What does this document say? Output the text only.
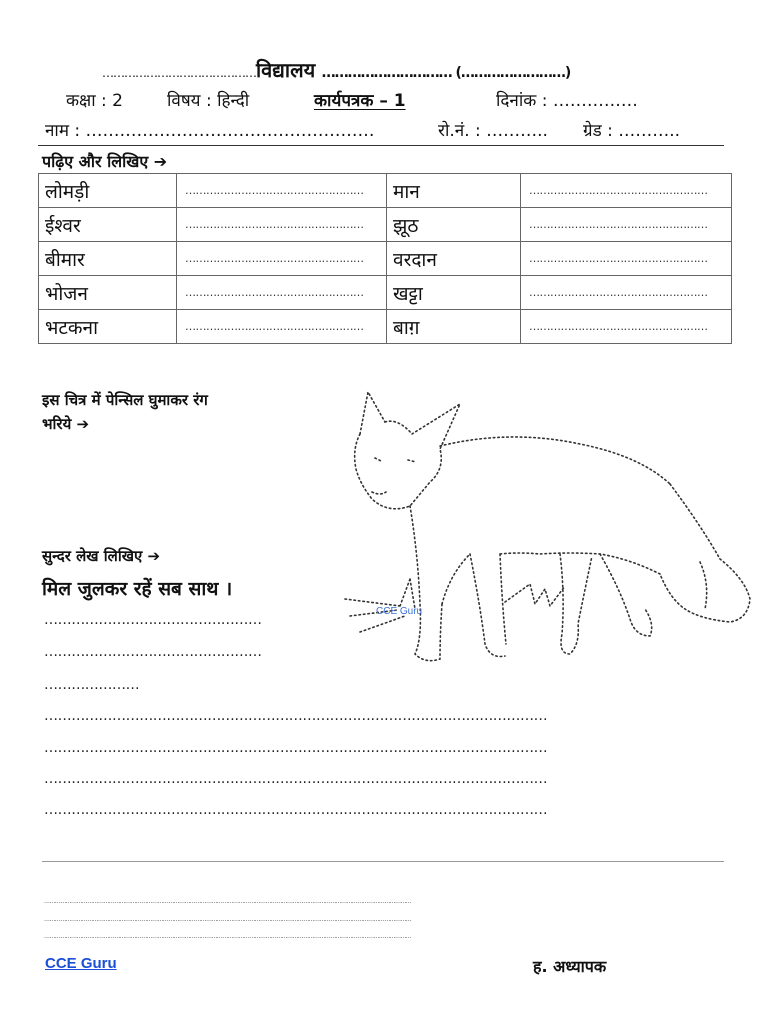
……………………………………विद्यालय ………………………… (……………………)
कक्षा : 2	विषय : हिन्दी	कार्यपत्रक – 1	दिनांक : ……………
नाम : ……………………………………………	रो.नं. : ……….. ग्रेड : ………..
पढ़िए और लिखिए ➔
लोमड़ी	……………………………………………	मान	……………………………………………
ईश्वर	……………………………………………	झूठ	……………………………………………
बीमार	……………………………………………	वरदान	……………………………………………
भोजन	……………………………………………	खट्टा	……………………………………………
भटकना	……………………………………………	बाग़	……………………………………………
इस चित्र में पेन्सिल घुमाकर रंग
भरिये ➔
CCE Guru
सुन्दर लेख लिखिए ➔
मिल जुलकर रहें सब साथ ।
…………………………………………
…………………………………………
…………………
…………………………………………………………………………………………………
…………………………………………………………………………………………………
…………………………………………………………………………………………………
…………………………………………………………………………………………………
……………………………………………………………………………………………………………………………………………………………………………………
……………………………………………………………………………………………………………………………………………………………………………………
……………………………………………………………………………………………………………………………………………………………………………………
CCE Guru	ह. अध्यापक
